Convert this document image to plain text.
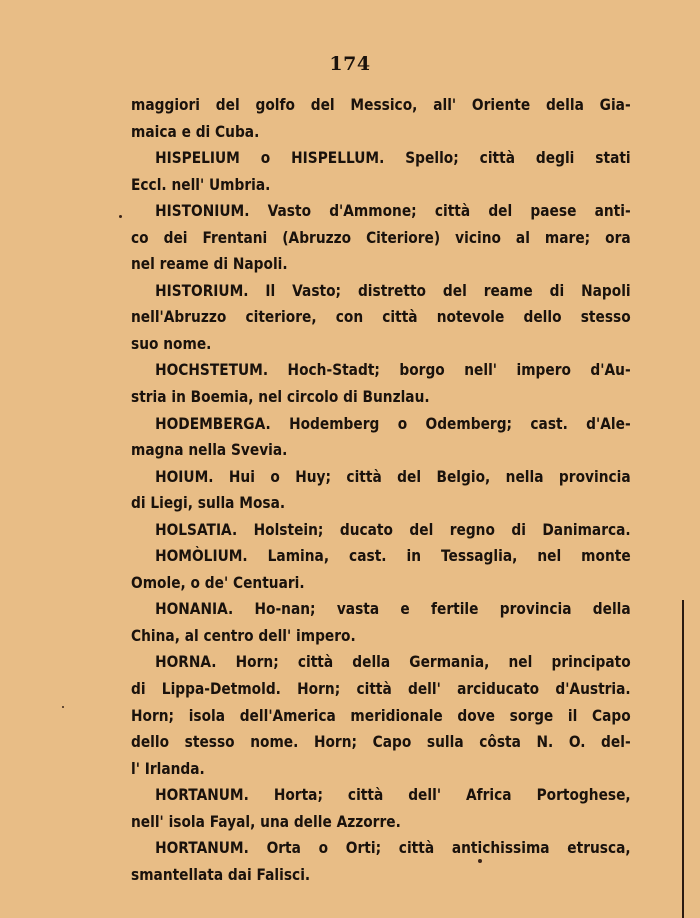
174
maggiori del golfo del Messico, all' Oriente della Gia-
maica e di Cuba.
HISPELIUM o HISPELLUM. Spello; città degli stati
Eccl. nell' Umbria.
HISTONIUM. Vasto d'Ammone; città del paese anti-
co dei Frentani (Abruzzo Citeriore) vicino al mare; ora
nel reame di Napoli.
HISTORIUM. Il Vasto; distretto del reame di Napoli
nell'Abruzzo citeriore, con città notevole dello stesso
suo nome.
HOCHSTETUM. Hoch-Stadt; borgo nell' impero d'Au-
stria in Boemia, nel circolo di Bunzlau.
HODEMBERGA. Hodemberg o Odemberg; cast. d'Ale-
magna nella Svevia.
HOIUM. Hui o Huy; città del Belgio, nella provincia
di Liegi, sulla Mosa.
HOLSATIA. Holstein; ducato del regno di Danimarca.
HOMÒLIUM. Lamina, cast. in Tessaglia, nel monte
Omole, o de' Centuari.
HONANIA. Ho-nan; vasta e fertile provincia della
China, al centro dell' impero.
HORNA. Horn; città della Germania, nel principato
di Lippa-Detmold. Horn; città dell' arciducato d'Austria.
Horn; isola dell'America meridionale dove sorge il Capo
dello stesso nome. Horn; Capo sulla côsta N. O. del-
l' Irlanda.
HORTANUM. Horta; città dell' Africa Portoghese,
nell' isola Fayal, una delle Azzorre.
HORTANUM. Orta o Orti; città antichissima etrusca,
smantellata dai Falisci.
